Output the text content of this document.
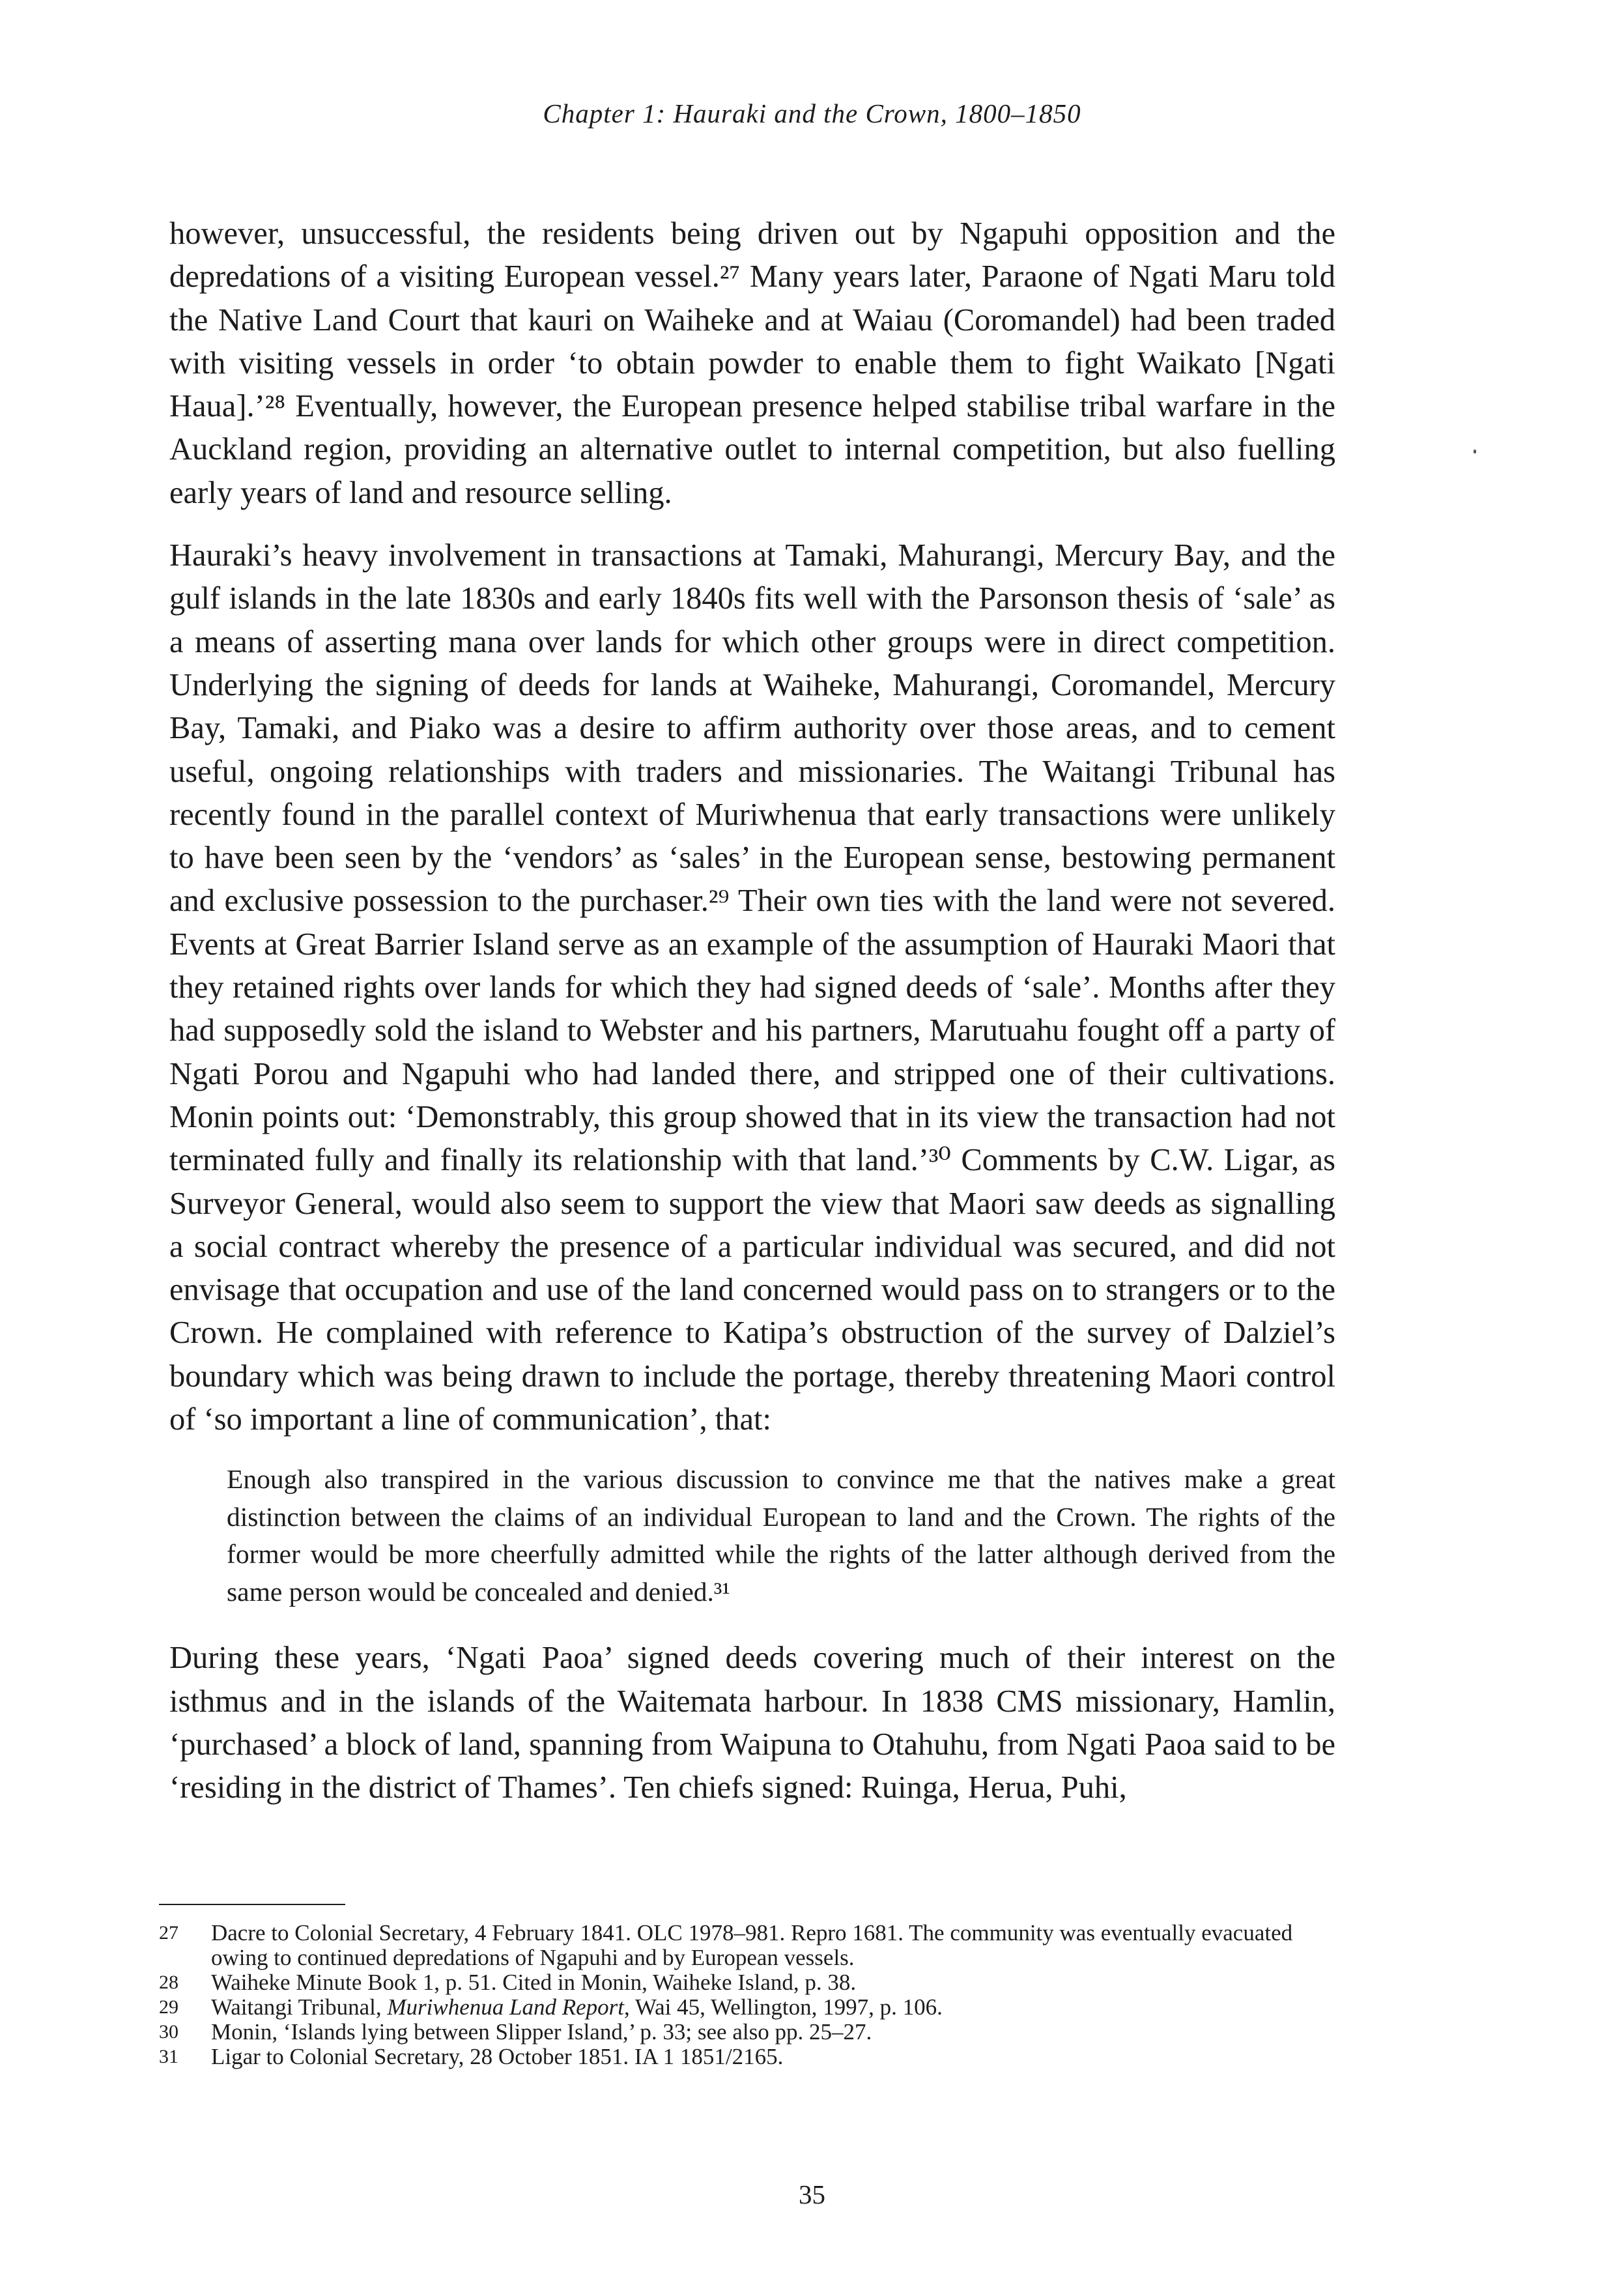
Chapter 1: Hauraki and the Crown, 1800–1850

however, unsuccessful, the residents being driven out by Ngapuhi opposition and the depredations of a visiting European vessel.²⁷ Many years later, Paraone of Ngati Maru told the Native Land Court that kauri on Waiheke and at Waiau (Coromandel) had been traded with visiting vessels in order ‘to obtain powder to enable them to fight Waikato [Ngati Haua].’²⁸ Eventually, however, the European presence helped stabilise tribal warfare in the Auckland region, providing an alternative outlet to internal competition, but also fuelling early years of land and resource selling.

Hauraki’s heavy involvement in transactions at Tamaki, Mahurangi, Mercury Bay, and the gulf islands in the late 1830s and early 1840s fits well with the Parsonson thesis of ‘sale’ as a means of asserting mana over lands for which other groups were in direct competition. Underlying the signing of deeds for lands at Waiheke, Mahurangi, Coromandel, Mercury Bay, Tamaki, and Piako was a desire to affirm authority over those areas, and to cement useful, ongoing relationships with traders and missionaries. The Waitangi Tribunal has recently found in the parallel context of Muriwhenua that early transactions were unlikely to have been seen by the ‘vendors’ as ‘sales’ in the European sense, bestowing permanent and exclusive possession to the purchaser.²⁹ Their own ties with the land were not severed. Events at Great Barrier Island serve as an example of the assumption of Hauraki Maori that they retained rights over lands for which they had signed deeds of ‘sale’. Months after they had supposedly sold the island to Webster and his partners, Marutuahu fought off a party of Ngati Porou and Ngapuhi who had landed there, and stripped one of their cultivations. Monin points out: ‘Demonstrably, this group showed that in its view the transaction had not terminated fully and finally its relationship with that land.’³⁰ Comments by C.W. Ligar, as Surveyor General, would also seem to support the view that Maori saw deeds as signalling a social contract whereby the presence of a particular individual was secured, and did not envisage that occupation and use of the land concerned would pass on to strangers or to the Crown. He complained with reference to Katipa’s obstruction of the survey of Dalziel’s boundary which was being drawn to include the portage, thereby threatening Maori control of ‘so important a line of communication’, that:

Enough also transpired in the various discussion to convince me that the natives make a great distinction between the claims of an individual European to land and the Crown. The rights of the former would be more cheerfully admitted while the rights of the latter although derived from the same person would be concealed and denied.³¹

During these years, ‘Ngati Paoa’ signed deeds covering much of their interest on the isthmus and in the islands of the Waitemata harbour. In 1838 CMS missionary, Hamlin, ‘purchased’ a block of land, spanning from Waipuna to Otahuhu, from Ngati Paoa said to be ‘residing in the district of Thames’. Ten chiefs signed: Ruinga, Herua, Puhi,

27 Dacre to Colonial Secretary, 4 February 1841. OLC 1978–981. Repro 1681. The community was eventually evacuated owing to continued depredations of Ngapuhi and by European vessels.

28 Waiheke Minute Book 1, p. 51. Cited in Monin, Waiheke Island, p. 38.

29 Waitangi Tribunal, Muriwhenua Land Report, Wai 45, Wellington, 1997, p. 106.

30 Monin, ‘Islands lying between Slipper Island,’ p. 33; see also pp. 25–27.

31 Ligar to Colonial Secretary, 28 October 1851. IA 1 1851/2165.

35
